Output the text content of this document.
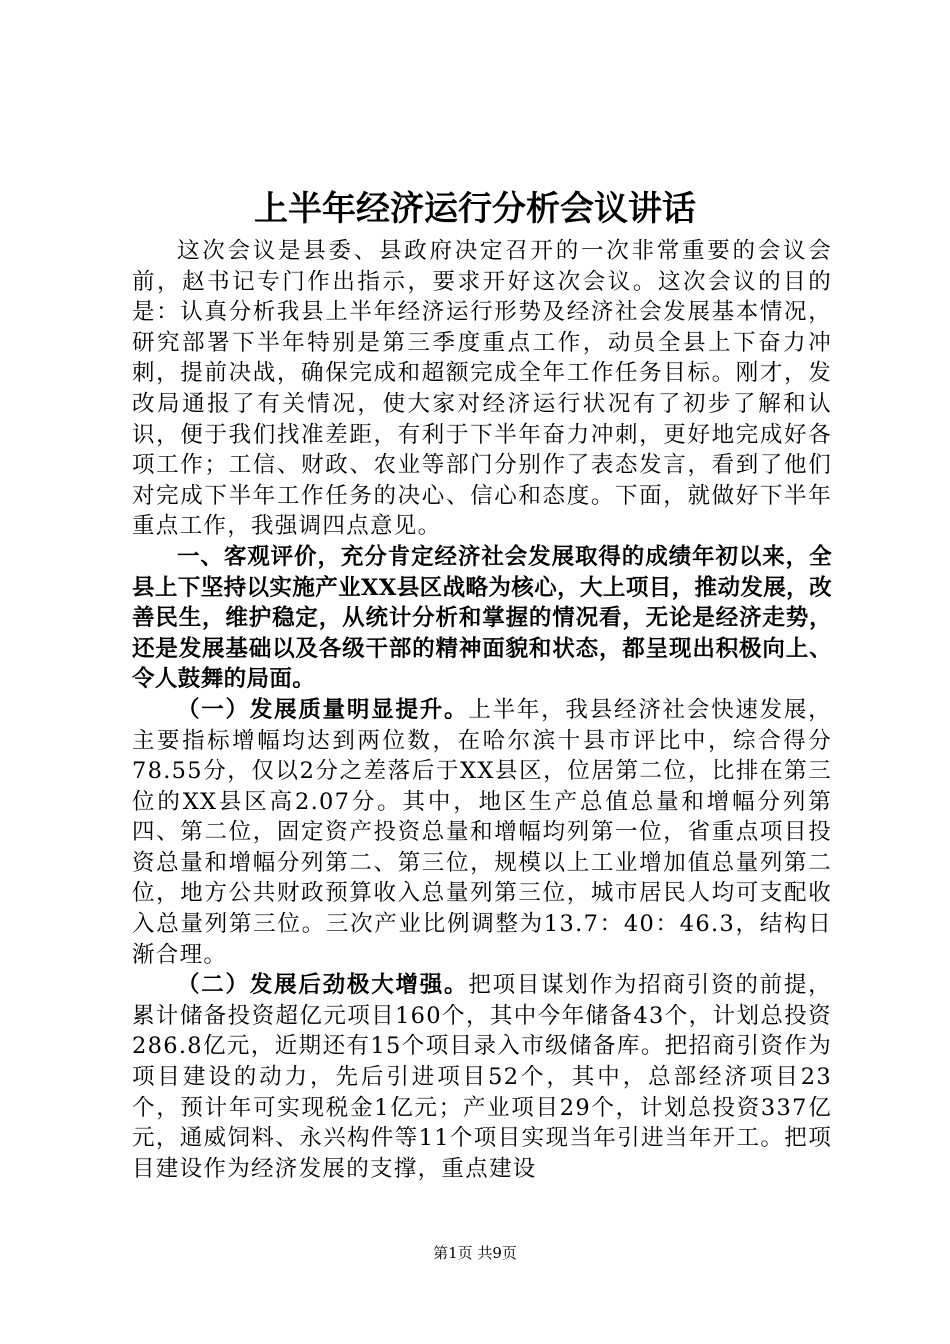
上半年经济运行分析会议讲话

这次会议是县委、县政府决定召开的一次非常重要的会议会前，赵书记专门作出指示，要求开好这次会议。这次会议的目的是：认真分析我县上半年经济运行形势及经济社会发展基本情况，研究部署下半年特别是第三季度重点工作，动员全县上下奋力冲刺，提前决战，确保完成和超额完成全年工作任务目标。刚才，发改局通报了有关情况，使大家对经济运行状况有了初步了解和认识，便于我们找准差距，有利于下半年奋力冲刺，更好地完成好各项工作；工信、财政、农业等部门分别作了表态发言，看到了他们对完成下半年工作任务的决心、信心和态度。下面，就做好下半年重点工作，我强调四点意见。

一、客观评价，充分肯定经济社会发展取得的成绩年初以来，全县上下坚持以实施产业XX县区战略为核心，大上项目，推动发展，改善民生，维护稳定，从统计分析和掌握的情况看，无论是经济走势，还是发展基础以及各级干部的精神面貌和状态，都呈现出积极向上、令人鼓舞的局面。

（一）发展质量明显提升。上半年，我县经济社会快速发展，主要指标增幅均达到两位数，在哈尔滨十县市评比中，综合得分78.55分，仅以2分之差落后于XX县区，位居第二位，比排在第三位的XX县区高2.07分。其中，地区生产总值总量和增幅分列第四、第二位，固定资产投资总量和增幅均列第一位，省重点项目投资总量和增幅分列第二、第三位，规模以上工业增加值总量列第二位，地方公共财政预算收入总量列第三位，城市居民人均可支配收入总量列第三位。三次产业比例调整为13.7：40：46.3，结构日渐合理。

（二）发展后劲极大增强。把项目谋划作为招商引资的前提，累计储备投资超亿元项目160个，其中今年储备43个，计划总投资286.8亿元，近期还有15个项目录入市级储备库。把招商引资作为项目建设的动力，先后引进项目52个，其中，总部经济项目23个，预计年可实现税金1亿元；产业项目29个，计划总投资337亿元，通威饲料、永兴构件等11个项目实现当年引进当年开工。把项目建设作为经济发展的支撑，重点建设

第1页 共9页
